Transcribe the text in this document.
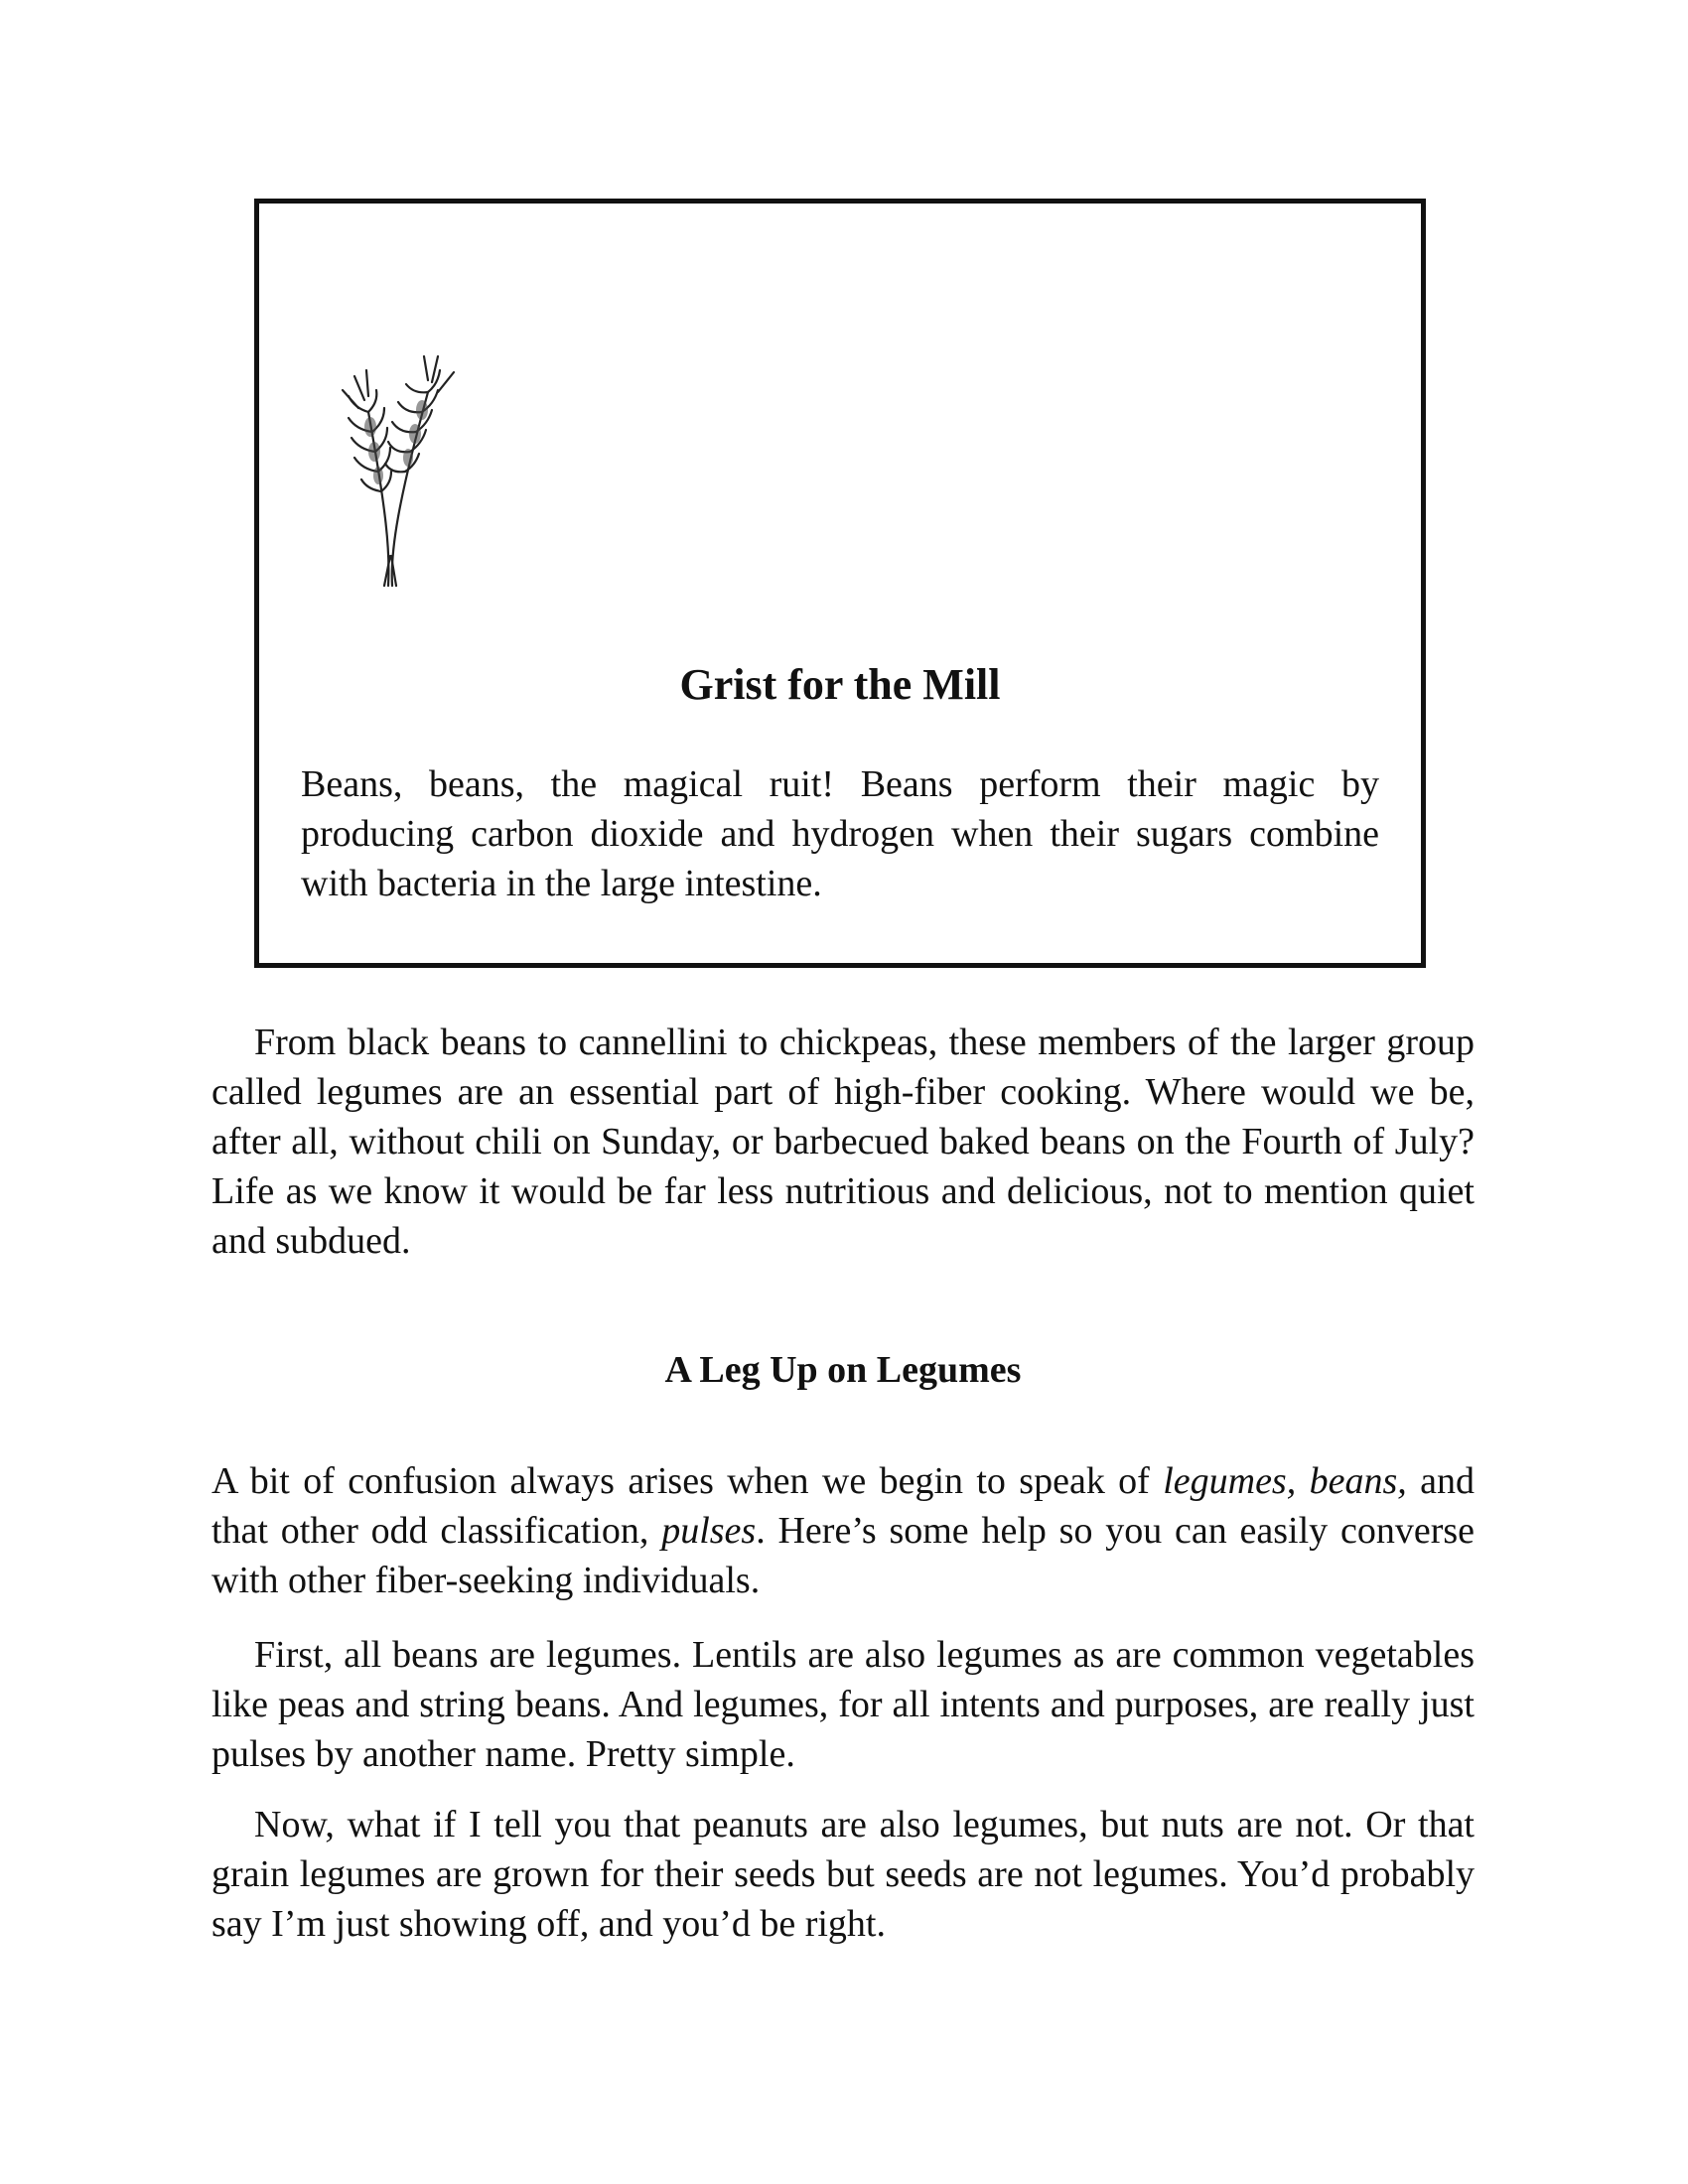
Grist for the Mill

Beans, beans, the magical ruit! Beans perform their magic by producing carbon dioxide and hydrogen when their sugars combine with bacteria in the large intestine.

From black beans to cannellini to chickpeas, these members of the larger group called legumes are an essential part of high-fiber cooking. Where would we be, after all, without chili on Sunday, or barbecued baked beans on the Fourth of July? Life as we know it would be far less nutritious and delicious, not to mention quiet and subdued.

A Leg Up on Legumes

A bit of confusion always arises when we begin to speak of legumes, beans, and that other odd classification, pulses. Here’s some help so you can easily converse with other fiber-seeking individuals.

First, all beans are legumes. Lentils are also legumes as are common vegetables like peas and string beans. And legumes, for all intents and purposes, are really just pulses by another name. Pretty simple.

Now, what if I tell you that peanuts are also legumes, but nuts are not. Or that grain legumes are grown for their seeds but seeds are not legumes. You’d probably say I’m just showing off, and you’d be right.
